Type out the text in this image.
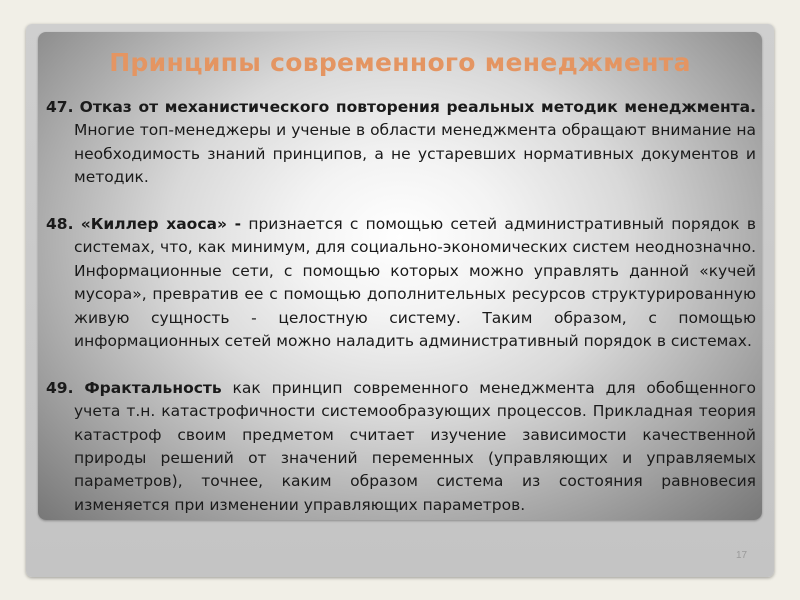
Принципы современного менеджмента

47. Отказ от механистического повторения реальных методик менеджмента. Многие топ-менеджеры и ученые в области менеджмента обращают внимание на необходимость знаний принципов, а не устаревших нормативных документов и методик.

48. «Киллер хаоса» - признается с помощью сетей административный порядок в системах, что, как минимум, для социально-экономических систем неоднозначно. Информационные сети, с помощью которых можно управлять данной «кучей мусора», превратив ее с помощью дополнительных ресурсов структурированную живую сущность - целостную систему. Таким образом, с помощью информационных сетей можно наладить административный порядок в системах.

49. Фрактальность как принцип современного менеджмента для обобщенного учета т.н. катастрофичности системообразующих процессов. Прикладная теория катастроф своим предметом считает изучение зависимости качественной природы решений от значений переменных (управляющих и управляемых параметров), точнее, каким образом система из состояния равновесия изменяется при изменении управляющих параметров.

17
